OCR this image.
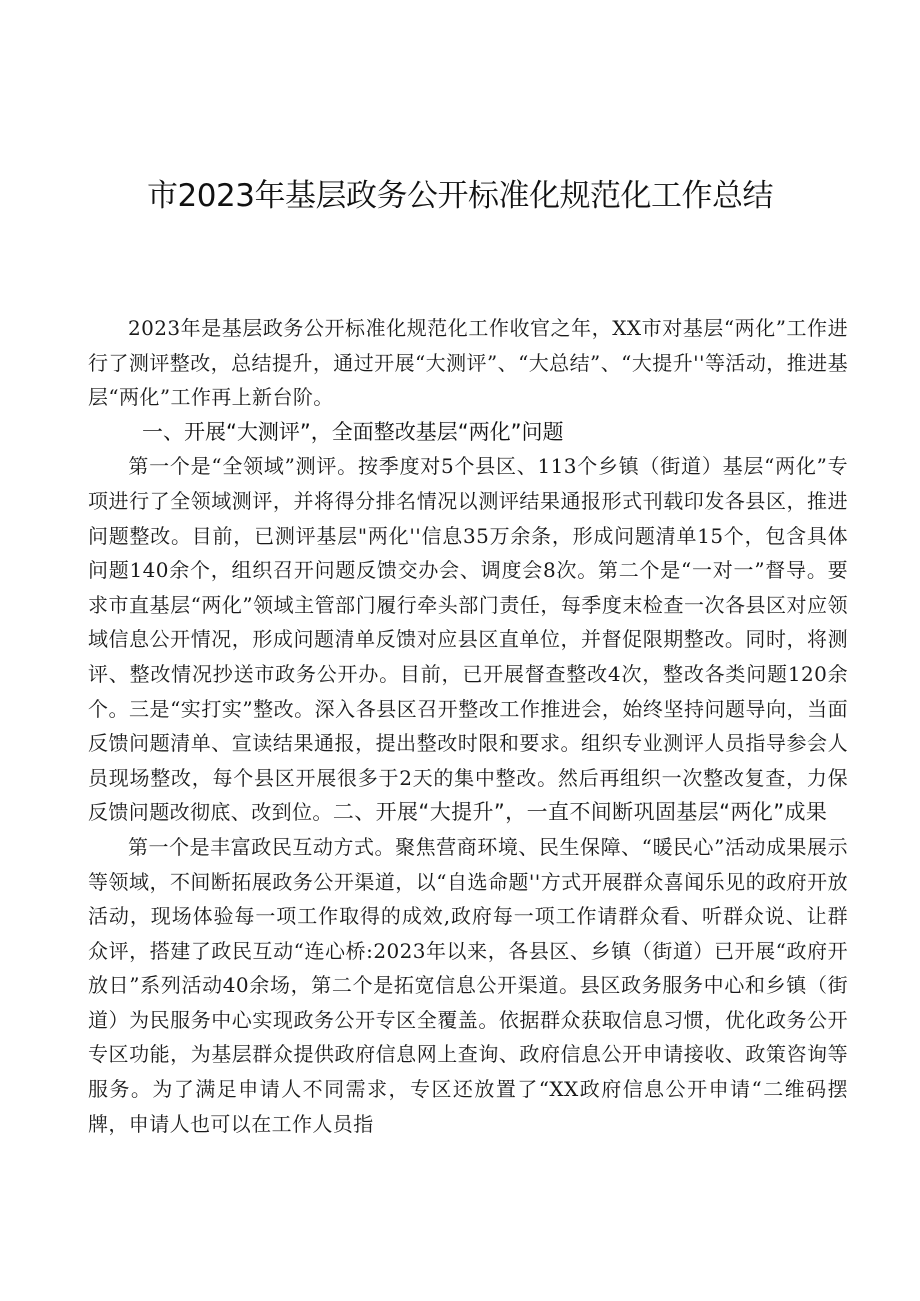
市2023年基层政务公开标准化规范化工作总结

2023年是基层政务公开标准化规范化工作收官之年，XX市对基层“两化”工作进行了测评整改，总结提升，通过开展“大测评”、“大总结”、“大提升''等活动，推进基层“两化”工作再上新台阶。

一、开展“大测评”，全面整改基层“两化”问题

第一个是“全领域”测评。按季度对5个县区、113个乡镇（街道）基层“两化”专项进行了全领域测评，并将得分排名情况以测评结果通报形式刊载印发各县区，推进问题整改。目前，已测评基层"两化''信息35万余条，形成问题清单15个，包含具体问题140余个，组织召开问题反馈交办会、调度会8次。第二个是“一对一”督导。要求市直基层“两化”领域主管部门履行牵头部门责任，每季度末检查一次各县区对应领域信息公开情况，形成问题清单反馈对应县区直单位，并督促限期整改。同时，将测评、整改情况抄送市政务公开办。目前，已开展督查整改4次，整改各类问题120余个。三是“实打实”整改。深入各县区召开整改工作推进会，始终坚持问题导向，当面反馈问题清单、宣读结果通报，提出整改时限和要求。组织专业测评人员指导参会人员现场整改，每个县区开展很多于2天的集中整改。然后再组织一次整改复查，力保反馈问题改彻底、改到位。二、开展“大提升”，一直不间断巩固基层“两化”成果

第一个是丰富政民互动方式。聚焦营商环境、民生保障、“暖民心”活动成果展示等领域，不间断拓展政务公开渠道，以“自选命题''方式开展群众喜闻乐见的政府开放活动，现场体验每一项工作取得的成效,政府每一项工作请群众看、听群众说、让群众评，搭建了政民互动“连心桥:2023年以来，各县区、乡镇（街道）已开展“政府开放日”系列活动40余场，第二个是拓宽信息公开渠道。县区政务服务中心和乡镇（街道）为民服务中心实现政务公开专区全覆盖。依据群众获取信息习惯，优化政务公开专区功能，为基层群众提供政府信息网上查询、政府信息公开申请接收、政策咨询等服务。为了满足申请人不同需求，专区还放置了“XX政府信息公开申请“二维码摆牌，申请人也可以在工作人员指
